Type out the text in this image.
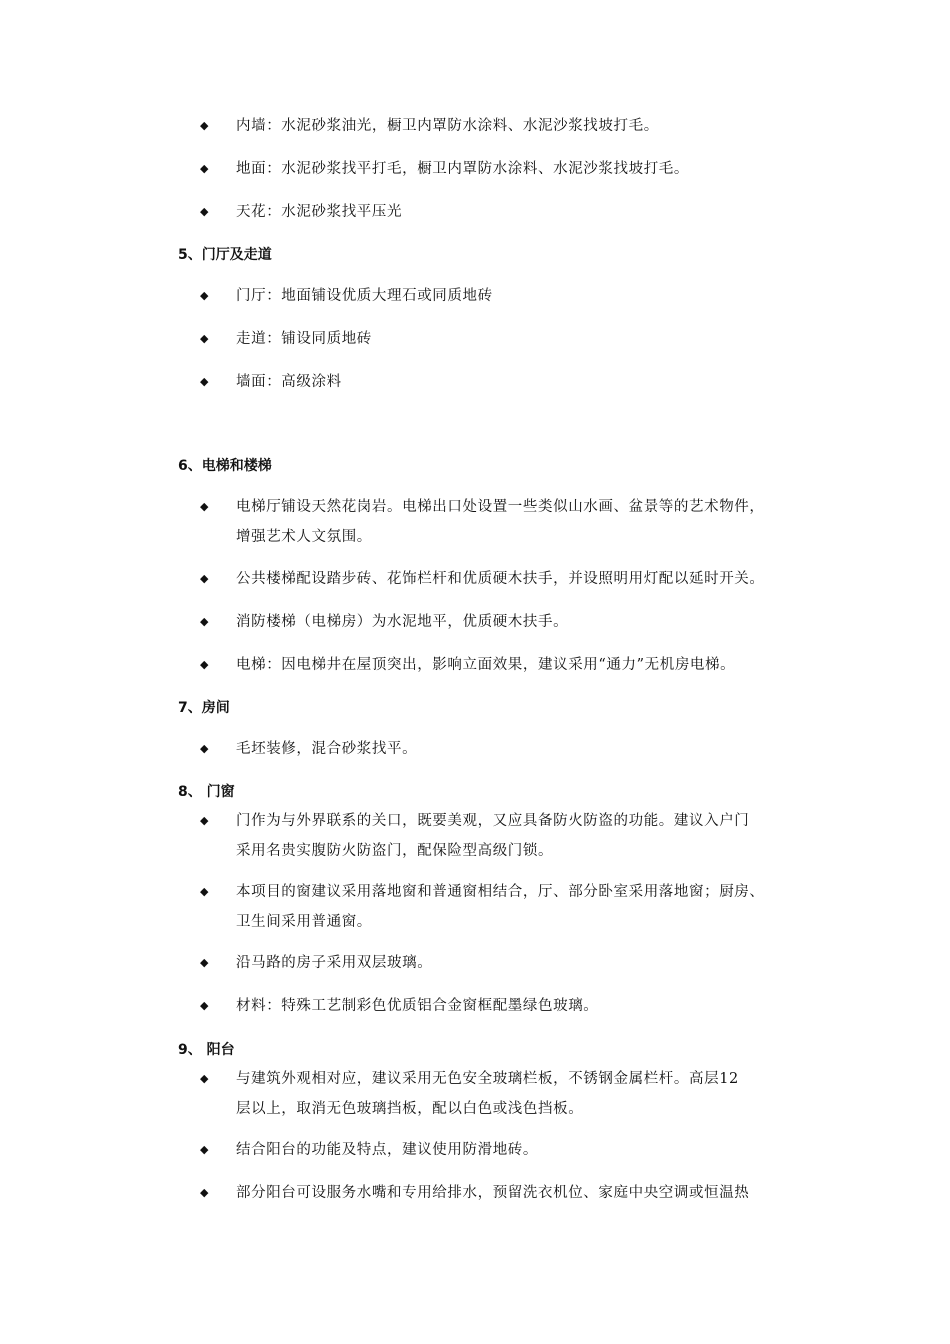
◆	内墙：水泥砂浆油光，橱卫内罩防水涂料、水泥沙浆找坡打毛。
◆	地面：水泥砂浆找平打毛，橱卫内罩防水涂料、水泥沙浆找坡打毛。
◆	天花：水泥砂浆找平压光
5、门厅及走道
◆	门厅：地面铺设优质大理石或同质地砖
◆	走道：铺设同质地砖
◆	墙面：高级涂料
6、电梯和楼梯
◆	电梯厅铺设天然花岗岩。电梯出口处设置一些类似山水画、盆景等的艺术物件，
增强艺术人文氛围。
◆	公共楼梯配设踏步砖、花饰栏杆和优质硬木扶手，并设照明用灯配以延时开关。
◆	消防楼梯（电梯房）为水泥地平，优质硬木扶手。
◆	电梯：因电梯井在屋顶突出，影响立面效果，建议采用“通力”无机房电梯。
7、房间
◆	毛坯装修，混合砂浆找平。
8、 门窗
◆	门作为与外界联系的关口，既要美观，又应具备防火防盗的功能。建议入户门
采用名贵实腹防火防盗门，配保险型高级门锁。
◆	本项目的窗建议采用落地窗和普通窗相结合，厅、部分卧室采用落地窗；厨房、
卫生间采用普通窗。
◆	沿马路的房子采用双层玻璃。
◆	材料：特殊工艺制彩色优质铝合金窗框配墨绿色玻璃。
9、 阳台
◆	与建筑外观相对应，建议采用无色安全玻璃栏板，不锈钢金属栏杆。高层12
层以上，取消无色玻璃挡板，配以白色或浅色挡板。
◆	结合阳台的功能及特点，建议使用防滑地砖。
◆	部分阳台可设服务水嘴和专用给排水，预留洗衣机位、家庭中央空调或恒温热
